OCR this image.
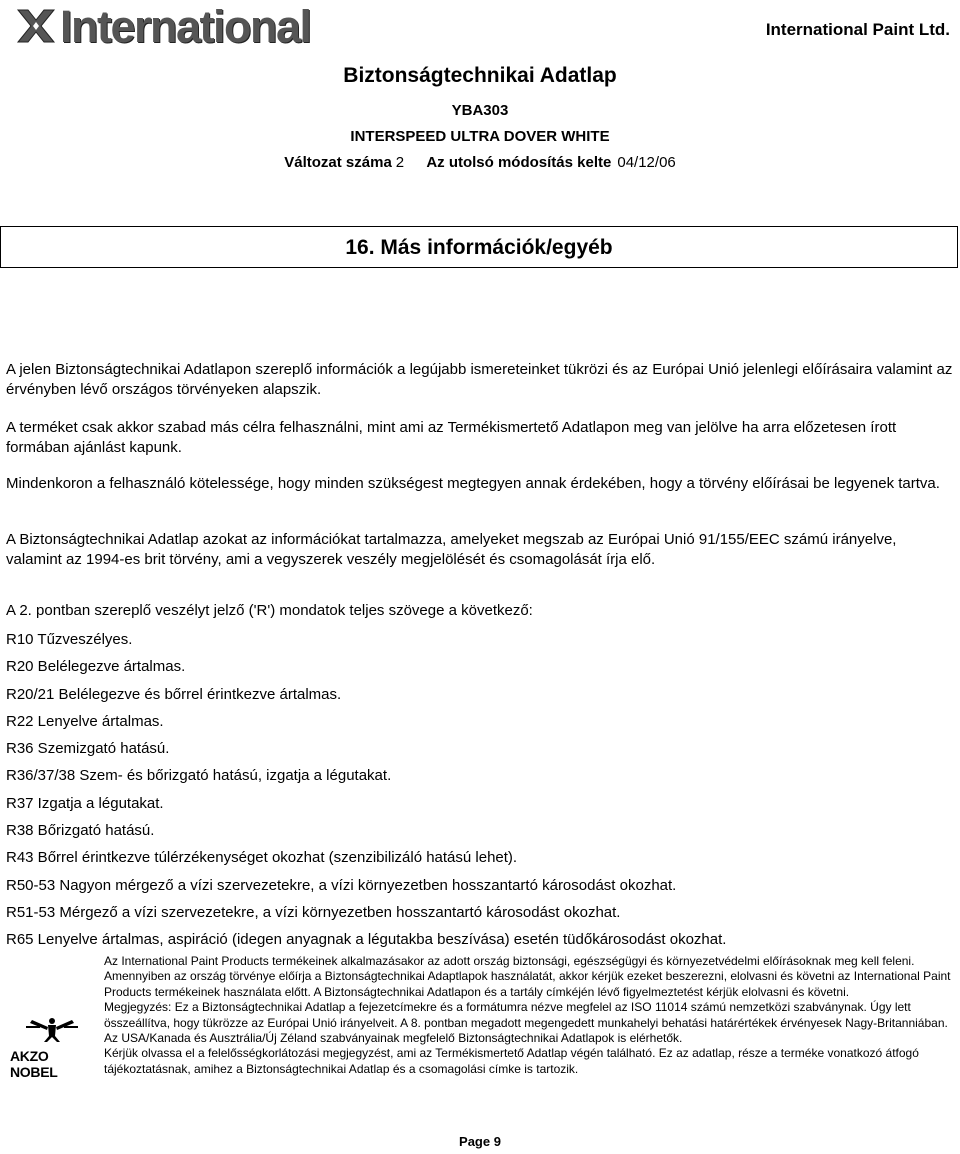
International	International Paint Ltd.
Biztonságtechnikai Adatlap
YBA303
INTERSPEED ULTRA DOVER WHITE
Változat száma 2 Az utolsó módosítás kelte 04/12/06
16. Más információk/egyéb
A jelen Biztonságtechnikai Adatlapon szereplő információk a legújabb ismereteinket tükrözi és az Európai Unió jelenlegi előírásaira valamint az érvényben lévő országos törvényeken alapszik.
A terméket csak akkor szabad más célra felhasználni, mint ami az Termékismertető Adatlapon meg van jelölve ha arra előzetesen írott formában ajánlást kapunk.
Mindenkoron a felhasználó kötelessége, hogy minden szükségest megtegyen annak érdekében, hogy a törvény előírásai be legyenek tartva.
A Biztonságtechnikai Adatlap azokat az információkat tartalmazza, amelyeket megszab az Európai Unió 91/155/EEC számú irányelve, valamint az 1994-es brit törvény, ami a vegyszerek veszély megjelölését és csomagolását írja elő.
A 2. pontban szereplő veszélyt jelző ('R') mondatok teljes szövege a következő:
R10 Tűzveszélyes.
R20 Belélegezve ártalmas.
R20/21 Belélegezve és bőrrel érintkezve ártalmas.
R22 Lenyelve ártalmas.
R36 Szemizgató hatású.
R36/37/38 Szem- és bőrizgató hatású, izgatja a légutakat.
R37 Izgatja a légutakat.
R38 Bőrizgató hatású.
R43 Bőrrel érintkezve túlérzékenységet okozhat (szenzibilizáló hatású lehet).
R50-53 Nagyon mérgező a vízi szervezetekre, a vízi környezetben hosszantartó károsodást okozhat.
R51-53 Mérgező a vízi szervezetekre, a vízi környezetben hosszantartó károsodást okozhat.
R65 Lenyelve ártalmas, aspiráció (idegen anyagnak a légutakba beszívása) esetén tüdőkárosodást okozhat.
AKZO NOBEL
Az International Paint Products termékeinek alkalmazásakor az adott ország biztonsági, egészségügyi és környezetvédelmi előírásoknak meg kell feleni.
Amennyiben az ország törvénye előírja a Biztonságtechnikai Adaptlapok használatát, akkor kérjük ezeket beszerezni, elolvasni és követni az International Paint Products termékeinek használata előtt. A Biztonságtechnikai Adatlapon és a tartály címkéjén lévő figyelmeztetést kérjük elolvasni és követni.
Megjegyzés: Ez a Biztonságtechnikai Adatlap a fejezetcímekre és a formátumra nézve megfelel az ISO 11014 számú nemzetközi szabványnak. Úgy lett összeállítva, hogy tükrözze az Európai Unió irányelveit. A 8. pontban megadott megengedett munkahelyi behatási határértékek érvényesek Nagy-Britanniában. Az USA/Kanada és Ausztrália/Új Zéland szabványainak megfelelő Biztonságtechnikai Adatlapok is elérhetők.
Kérjük olvassa el a felelősségkorlátozási megjegyzést, ami az Termékismertető Adatlap végén található. Ez az adatlap, része a terméke vonatkozó átfogó tájékoztatásnak, amihez a Biztonságtechnikai Adatlap és a csomagolási címke is tartozik.
Page 9
